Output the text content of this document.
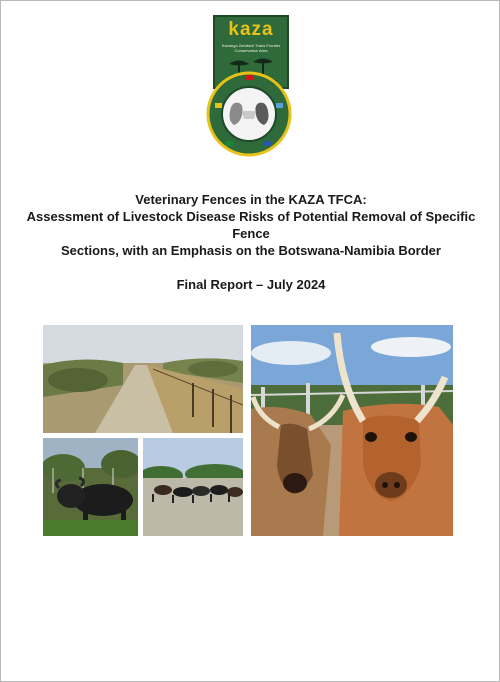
kaza
Kavango Zambezi Trans Frontier Conservation Area

Veterinary Fences in the KAZA TFCA:

Assessment of Livestock Disease Risks of Potential Removal of Specific Fence

Sections, with an Emphasis on the Botswana-Namibia Border

Final Report – July 2024
